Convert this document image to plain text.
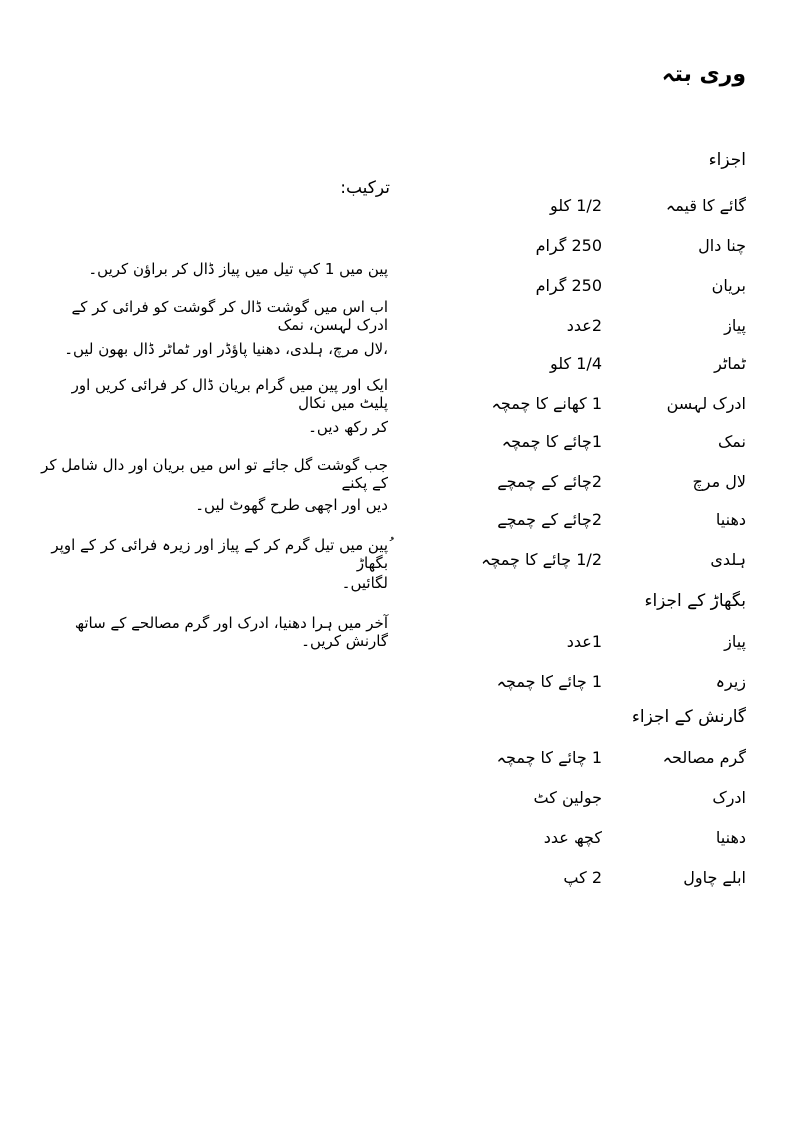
وری بتہ
اجزاء
گائے کا قیمہ
1/2 کلو
چنا دال
250 گرام
بریان
250 گرام
پیاز
2عدد
ٹماٹر
1/4 کلو
ادرک لہسن
1 کھانے کا چمچہ
نمک
1چائے کا چمچہ
لال مرچ
2چائے کے چمچے
دھنیا
2چائے کے چمچے
ہلدی
1/2 چائے کا چمچہ
بگھاڑ کے اجزاء
پیاز
1عدد
زیرہ
1 چائے کا چمچہ
گارنش کے اجزاء
گرم مصالحہ
1 چائے کا چمچہ
ادرک
جولین کٹ
دھنیا
کچھ عدد
ابلے چاول
2 کپ
ترکیب:
پین میں 1 کپ تیل میں پیاز ڈال کر براؤن کریں۔
اب اس میں گوشت ڈال کر گوشت کو فرائی کر کے ادرک لہسن، نمک
،لال مرچ، ہلدی، دھنیا پاؤڈر اور ٹماٹر ڈال بھون لیں۔
ایک اور پین میں گرام بریان ڈال کر فرائی کریں اور پلیٹ میں نکال
کر رکھ دیں۔
جب گوشت گل جائے تو اس میں بریان اور دال شامل کر کے پکنے
دیں اور اچھی طرح گھوٹ لیں۔
ُپین میں تیل گرم کر کے پیاز اور زیرہ فرائی کر کے اوپر بگھاڑ
لگائیں۔
آخر میں ہرا دھنیا، ادرک اور گرم مصالحے کے ساتھ گارنش کریں۔
